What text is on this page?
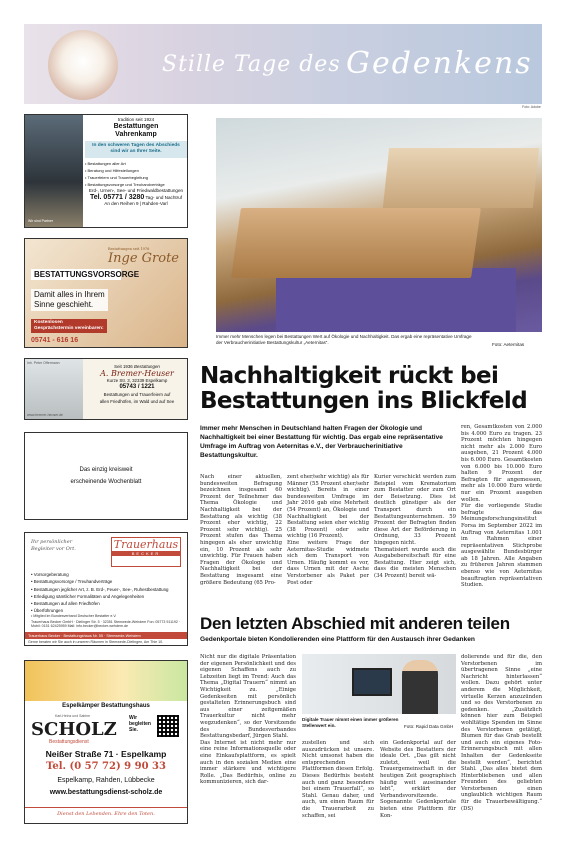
Stille Tage des Gedenkens
Foto: Adobe
Wir sind Partner
tradition seit 1924
Bestattungen
Vahrenkamp
In den schweren Tagen des Abschieds sind wir an Ihrer Seite.
• Bestattungen aller Art
• Beratung und Hilfestellungen
• Trauerfeiern und Trauerbegleitung
• Bestattungsvorsorge und Treuhandverträge
Erd-, Urnen-, See- und Friedwaldbestattungen
Tel. 05771 / 3280 Tag- und Nachtruf
An den Reihen 9 | Rahden-Varl
Bestattungen seit 1976
Inge Grote
BESTATTUNGSVORSORGE
Damit alles in Ihrem
Sinne geschieht.
Kostenlosen
Gesprächstermin vereinbaren:
05741 - 616 16
Inh. Peter Offermann
www.bremer-heuser.de
Seit 1936 Bestattungen
A. Bremer-Heuser
Kurze Str. 3, 32339 Espelkamp
05743 / 1221
Bestattungen und Trauerfeiern auf
allen Friedhöfen, im Wald und auf See
Das einzig kreisweit
erscheinende Wochenblatt
Ihr persönlicher
Begleiter vor Ort.	Trauerhaus
BECKER
• Vorsorgeberatung
• Bestattungsvorsorge / Treuhandverträge
• Bestattungen jeglicher Art, z. B. Erd-, Feuer-, See-, Ruhestbestattung
• Erledigung sämtlicher Formalitäten und Angelegenheiten
• Bestattungen auf allen Friedhöfen
• Überführungen
• Mitglied im Bundesverband Deutscher Bestatter e.V.
Trauerhaus Becker GmbH · Dielinger Str. 5 · 32351 Stemwede-Wehdem Fon: 05773 911192 · Mobil: 0151 62425959 Mail: info.becker@becker-wehdem.de
Trauerhaus Becker · Bestattungshaus Nr. 55 · Stemwede-Wehdem
Gerne beraten wir Sie auch in unseren Räumen in Stemwede-Dielingen, Am Thie 10.
Espelkämper Bestattungshaus
Karl-Heinz und Sabine
SCHOLZ
Bestattungsdienst
Wir begleiten Sie.
Neißer Straße 71 · Espelkamp
Tel. (0 57 72) 9 90 33
Espelkamp, Rahden, Lübbecke
www.bestattungsdienst-scholz.de
Dienst den Lebenden. Ehre den Toten.
Immer mehr Menschen legen bei Bestattungen Wert auf Ökologie und Nachhaltigkeit. Das ergab eine repräsentative Umfrage der Verbraucherinitiative Bestattungskultur „Aeternitas“.	Foto: Aeternitas
Nachhaltigkeit rückt bei Bestattungen ins Blickfeld
Immer mehr Menschen in Deutschland halten Fragen der Ökologie und Nachhaltigkeit bei einer Bestattung für wichtig. Das ergab eine repräsentative Umfrage im Auftrag von Aeternitas e.V., der Verbraucherinitiative Bestattungskultur.
Nach einer aktuellen, bundesweiten Befragung bezeichnen insgesamt 60 Prozent der Teilnehmer das Thema Ökologie und Nachhaltigkeit bei der Bestattung als wichtig (38 Prozent eher wichtig, 22 Prozent sehr wichtig). 25 Prozent stufen das Thema hingegen als eher unwichtig ein, 10 Prozent als sehr unwichtig. Für Frauen haben Fragen der Ökologie und Nachhaltigkeit bei der Bestattung insgesamt eine größere Bedeutung (65 Pro-
zent eher/sehr wichtig) als für Männer (55 Prozent eher/sehr wichtig). Bereits in einer bundesweiten Umfrage im Jahr 2016 gab eine Mehrheit (54 Prozent) an, Ökologie und Nachhaltigkeit bei der Bestattung seien eher wichtig (38 Prozent) oder sehr wichtig (16 Prozent).
Eine weitere Frage der Aeternitas-Studie widmete sich dem Transport von Urnen. Häufig kommt es vor, dass Urnen mit der Asche Verstorbener als Paket per Post oder
Kurier verschickt werden zum Beispiel vom Krematorium zum Bestatter oder zum Ort der Beisetzung. Dies ist deutlich günstiger als der Transport durch ein Bestattungsunternehmen. 59 Prozent der Befragten finden diese Art der Beförderung in Ordnung, 33 Prozent hingegen nicht.
Thematisiert wurde auch die Ausgabebereitschaft für eine Bestattung. Hier zeigt sich, dass die meisten Menschen (34 Prozent) bereit wä-
ren, Gesamtkosten von 2.000 bis 4.000 Euro zu tragen. 23 Prozent möchten hingegen nicht mehr als 2.000 Euro ausgeben, 21 Prozent 4.000 bis 6.000 Euro. Gesamtkosten von 6.000 bis 10.000 Euro halten 9 Prozent der Befragten für angemessen, mehr als 10.000 Euro würde nur ein Prozent ausgeben wollen.
Für die vorliegende Studie befragte das Meinungsforschungsinstitut Forsa im September 2022 im Auftrag von Aeternitas 1.001 im Rahmen einer repräsentativen Stichprobe ausgewählte Bundesbürger ab 18 Jahren. Alle Angaben zu früheren Jahren stammen ebenso wie von Aeternitas beauftragten repräsentativen Studien.
Den letzten Abschied mit anderen teilen
Gedenkportale bieten Kondolierenden eine Plattform für den Austausch ihrer Gedanken
Digitale Trauer nimmt einen immer größeren Stellenwert ein.	Foto: Rapid Data GmbH
Nicht nur die digitale Präsentation der eigenen Persönlichkeit und des eigenen Schaffens auch zu Lebzeiten liegt im Trend: Auch das Thema „Digital Trauern“ nimmt an Wichtigkeit zu. „Einige Gedenkseiten mit persönlich gestalteten Erinnerungsbuch sind aus einer zeitgemäßen Trauerkultur nicht mehr wegzudenken“, so der Vorsitzende des Bundesverbandes Bestattungsbedarf, Jürgen Stahl.
Das Internet ist nicht mehr nur eine reine Informationsquelle oder eine Einkaufsplattform, es spielt auch in den sozialen Medien eine immer stärkere und wichtigere Rolle. „Das Bedürfnis, online zu kommunizieren, sich dar-
zustellen und sich auszudrücken ist unsere. Nicht umsonst haben die entsprechenden Plattformen diesen Erfolg. Dieses Bedürfnis besteht auch und ganz besonders bei einem Trauerfall“, so Stahl. Genau daher, und auch, um einen Raum für die Trauerarbeit zu schaffen, sei
ein Gedenkportal auf der Website des Bestatters der ideale Ort. „Das gilt nicht zuletzt, weil die Trauergemeinschaft in der heutigen Zeit geographisch häufig weit auseinander lebt“, erklärt der Verbandsvorsitzende.
Sogenannte Gedenkportale bieten eine Plattform für Kon-
dolierende und für die, den Verstorbenen im übertragenen Sinne „eine Nachricht hinterlassen“ wollen. Dazu gehört unter anderem die Möglichkeit, virtuelle Kerzen anzuzünden und so des Verstorbenen zu gedenken. „Zusätzlich können hier zum Beispiel wohltätige Spenden im Sinne des Verstorbenen getätigt, Blumen für das Grab bestellt und auch ein eigenes Foto-Erinnerungsbuch mit allen Inhalten der Gedenkseite bestellt werden“, berichtet Stahl. „Das alles bietet dem Hinterbliebenen und allen Freunden des geliebten Verstorbenen einen unglaublich wichtigen Raum für die Trauerbewältigung.“ (DS)
